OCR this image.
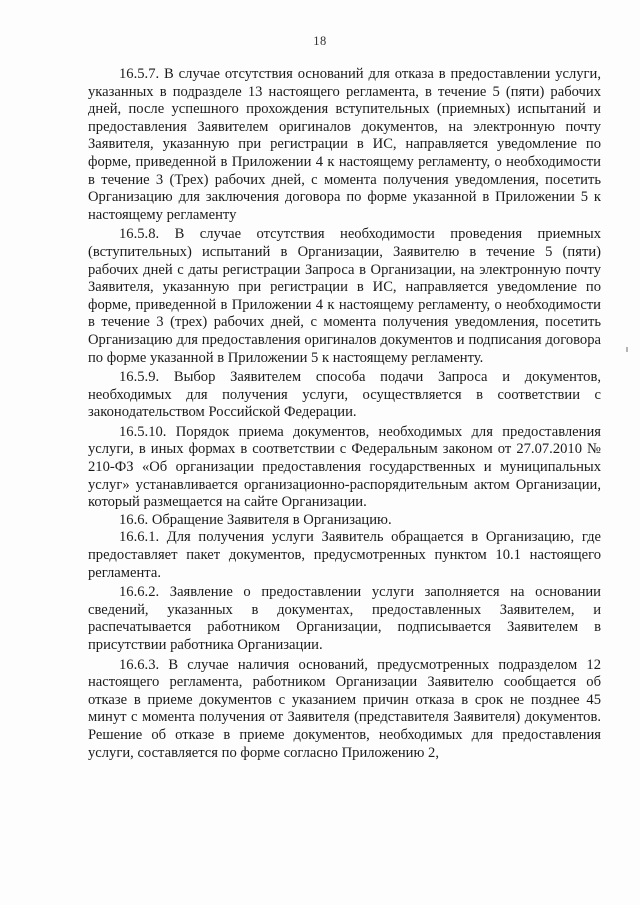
18

16.5.7. В случае отсутствия оснований для отказа в предоставлении услуги, указанных в подразделе 13 настоящего регламента, в течение 5 (пяти) рабочих дней, после успешного прохождения вступительных (приемных) испытаний и предоставления Заявителем оригиналов документов, на электронную почту Заявителя, указанную при регистрации в ИС, направляется уведомление по форме, приведенной в Приложении 4 к настоящему регламенту, о необходимости в течение 3 (Трех) рабочих дней, с момента получения уведомления, посетить Организацию для заключения договора по форме указанной в Приложении 5 к настоящему регламенту

16.5.8. В случае отсутствия необходимости проведения приемных (вступительных) испытаний в Организации, Заявителю в течение 5 (пяти) рабочих дней с даты регистрации Запроса в Организации, на электронную почту Заявителя, указанную при регистрации в ИС, направляется уведомление по форме, приведенной в Приложении 4 к настоящему регламенту, о необходимости в течение 3 (трех) рабочих дней, с момента получения уведомления, посетить Организацию для предоставления оригиналов документов и подписания договора по форме указанной в Приложении 5 к настоящему регламенту.

16.5.9. Выбор Заявителем способа подачи Запроса и документов, необходимых для получения услуги, осуществляется в соответствии с законодательством Российской Федерации.

16.5.10. Порядок приема документов, необходимых для предоставления услуги, в иных формах в соответствии с Федеральным законом от 27.07.2010 № 210-ФЗ «Об организации предоставления государственных и муниципальных услуг» устанавливается организационно-распорядительным актом Организации, который размещается на сайте Организации.

16.6. Обращение Заявителя в Организацию.

16.6.1. Для получения услуги Заявитель обращается в Организацию, где предоставляет пакет документов, предусмотренных пунктом 10.1 настоящего регламента.

16.6.2. Заявление о предоставлении услуги заполняется на основании сведений, указанных в документах, предоставленных Заявителем, и распечатывается работником Организации, подписывается Заявителем в присутствии работника Организации.

16.6.3. В случае наличия оснований, предусмотренных подразделом 12 настоящего регламента, работником Организации Заявителю сообщается об отказе в приеме документов с указанием причин отказа в срок не позднее 45 минут с момента получения от Заявителя (представителя Заявителя) документов. Решение об отказе в приеме документов, необходимых для предоставления услуги, составляется по форме согласно Приложению 2,
